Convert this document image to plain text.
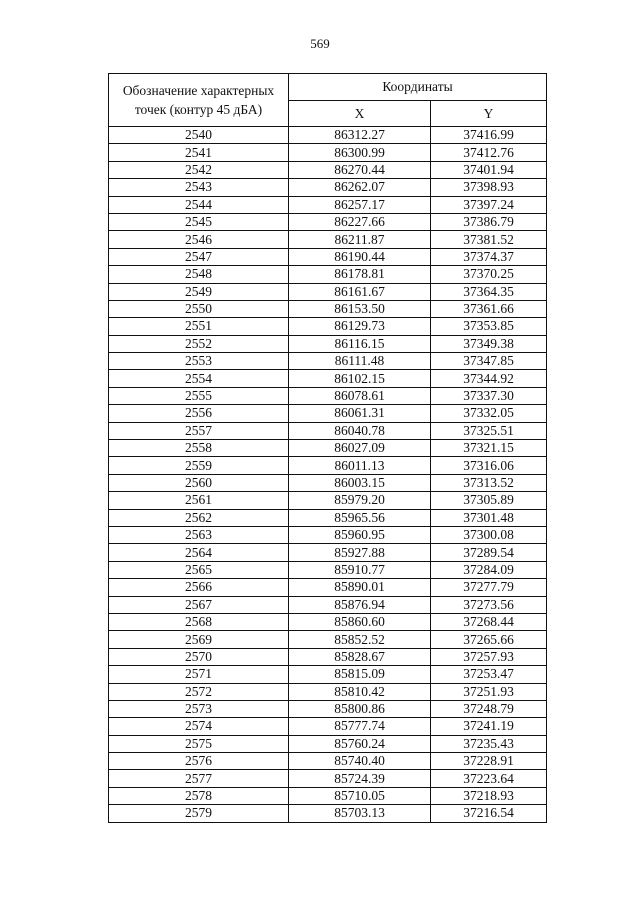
569
Обозначение характерных точек (контур 45 дБА)	Координаты	
	X	Y
2540	86312.27	37416.99
2541	86300.99	37412.76
2542	86270.44	37401.94
2543	86262.07	37398.93
2544	86257.17	37397.24
2545	86227.66	37386.79
2546	86211.87	37381.52
2547	86190.44	37374.37
2548	86178.81	37370.25
2549	86161.67	37364.35
2550	86153.50	37361.66
2551	86129.73	37353.85
2552	86116.15	37349.38
2553	86111.48	37347.85
2554	86102.15	37344.92
2555	86078.61	37337.30
2556	86061.31	37332.05
2557	86040.78	37325.51
2558	86027.09	37321.15
2559	86011.13	37316.06
2560	86003.15	37313.52
2561	85979.20	37305.89
2562	85965.56	37301.48
2563	85960.95	37300.08
2564	85927.88	37289.54
2565	85910.77	37284.09
2566	85890.01	37277.79
2567	85876.94	37273.56
2568	85860.60	37268.44
2569	85852.52	37265.66
2570	85828.67	37257.93
2571	85815.09	37253.47
2572	85810.42	37251.93
2573	85800.86	37248.79
2574	85777.74	37241.19
2575	85760.24	37235.43
2576	85740.40	37228.91
2577	85724.39	37223.64
2578	85710.05	37218.93
2579	85703.13	37216.54
